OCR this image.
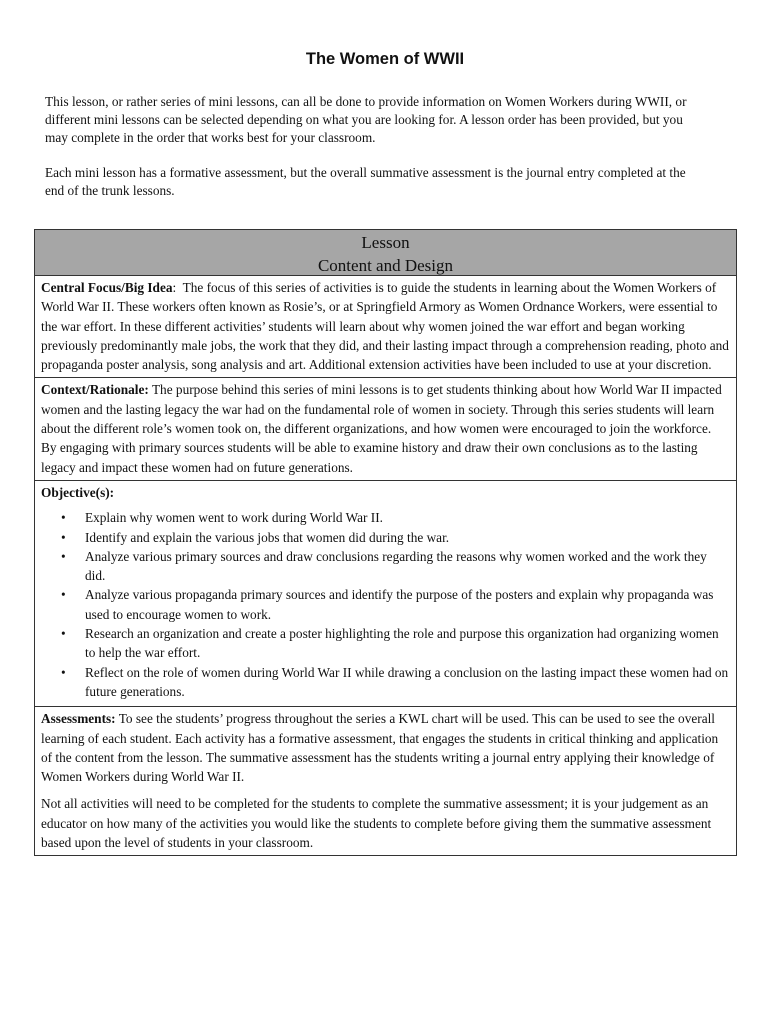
The Women of WWII

This lesson, or rather series of mini lessons, can all be done to provide information on Women Workers during WWII, or different mini lessons can be selected depending on what you are looking for. A lesson order has been provided, but you may complete in the order that works best for your classroom.

Each mini lesson has a formative assessment, but the overall summative assessment is the journal entry completed at the end of the trunk lessons.

Lesson
Content and Design
Central Focus/Big Idea:  The focus of this series of activities is to guide the students in learning about the Women Workers of World War II. These workers often known as Rosie’s, or at Springfield Armory as Women Ordnance Workers, were essential to the war effort. In these different activities’ students will learn about why women joined the war effort and began working previously predominantly male jobs, the work that they did, and their lasting impact through a comprehension reading, photo and propaganda poster analysis, song analysis and art. Additional extension activities have been included to use at your discretion.
Context/Rationale: The purpose behind this series of mini lessons is to get students thinking about how World War II impacted women and the lasting legacy the war had on the fundamental role of women in society. Through this series students will learn about the different role’s women took on, the different organizations, and how women were encouraged to join the workforce. By engaging with primary sources students will be able to examine history and draw their own conclusions as to the lasting legacy and impact these women had on future generations.
Objective(s):
• Explain why women went to work during World War II.
• Identify and explain the various jobs that women did during the war.
• Analyze various primary sources and draw conclusions regarding the reasons why women worked and the work they did.
• Analyze various propaganda primary sources and identify the purpose of the posters and explain why propaganda was used to encourage women to work.
• Research an organization and create a poster highlighting the role and purpose this organization had organizing women to help the war effort.
• Reflect on the role of women during World War II while drawing a conclusion on the lasting impact these women had on future generations.
Assessments: To see the students’ progress throughout the series a KWL chart will be used. This can be used to see the overall learning of each student. Each activity has a formative assessment, that engages the students in critical thinking and application of the content from the lesson. The summative assessment has the students writing a journal entry applying their knowledge of Women Workers during World War II.
Not all activities will need to be completed for the students to complete the summative assessment; it is your judgement as an educator on how many of the activities you would like the students to complete before giving them the summative assessment based upon the level of students in your classroom.
